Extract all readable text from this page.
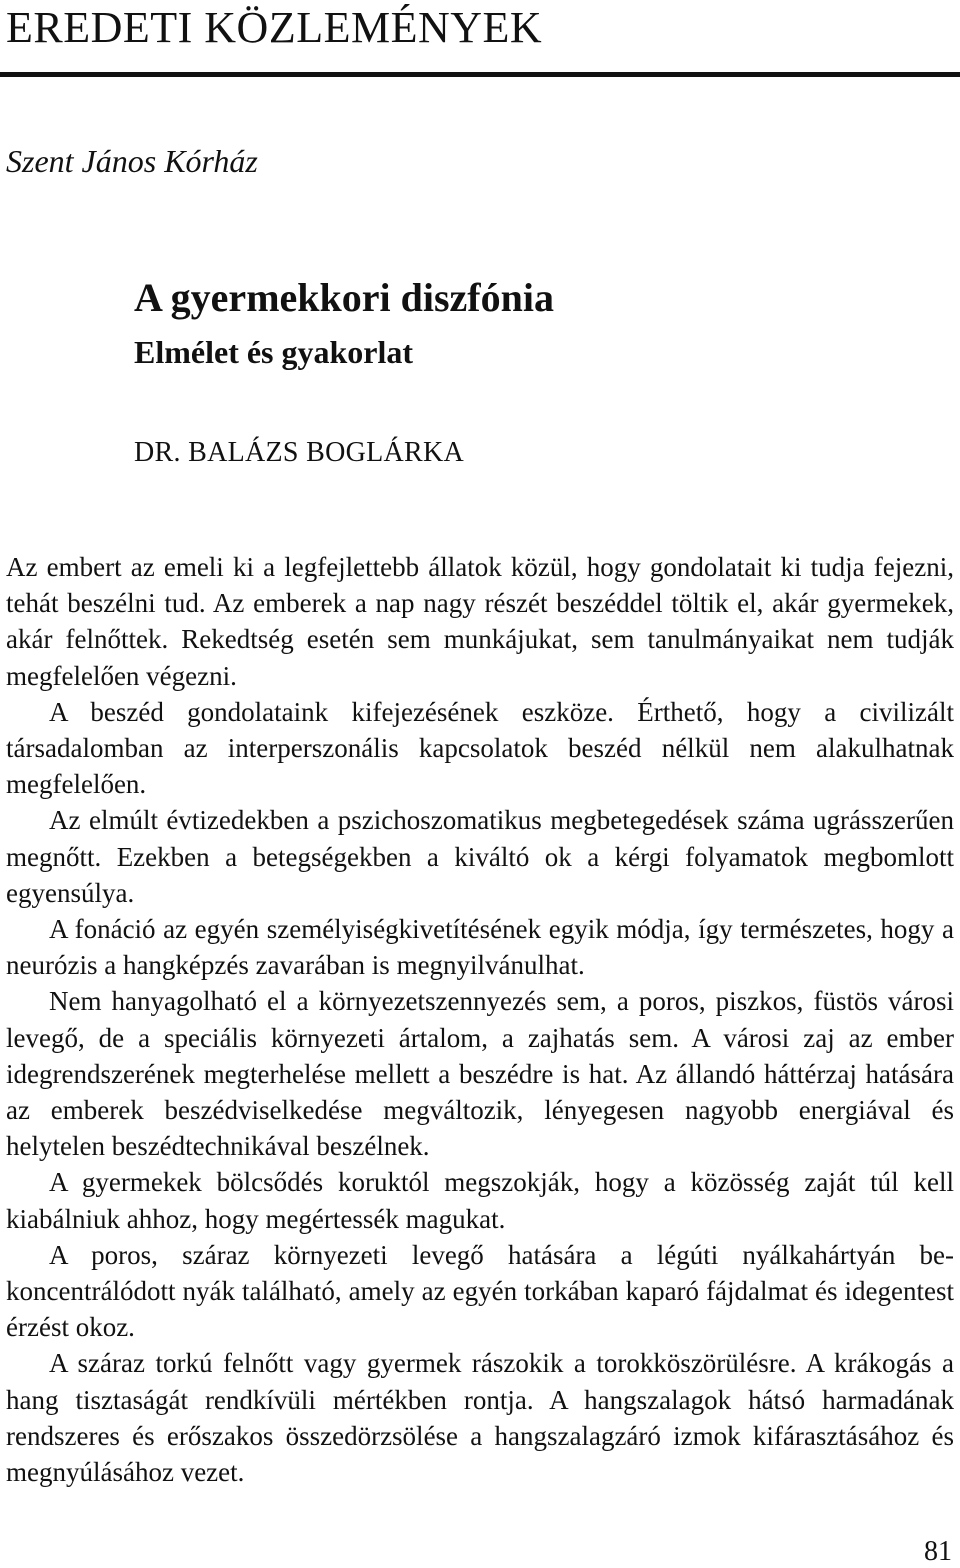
EREDETI KÖZLEMÉNYEK
Szent János Kórház
A gyermekkori diszfónia
Elmélet és gyakorlat
DR. BALÁZS BOGLÁRKA

Az embert az emeli ki a legfejlettebb állatok közül, hogy gondolatait ki tudja fejezni, tehát beszélni tud. Az emberek a nap nagy részét beszéddel töltik el, akár gyermekek, akár felnőttek. Rekedtség esetén sem munkájukat, sem tanulmányaikat nem tudják megfelelően végezni.

A beszéd gondolataink kifejezésének eszköze. Érthető, hogy a civilizált társadalomban az interperszonális kapcsolatok beszéd nélkül nem alakulhatnak megfelelően.

Az elmúlt évtizedekben a pszichoszomatikus megbetegedések száma ugrásszerűen megnőtt. Ezekben a betegségekben a kiváltó ok a kérgi folyamatok megbomlott egyensúlya.

A fonáció az egyén személyiségkivetítésének egyik módja, így természetes, hogy a neurózis a hangképzés zavarában is megnyilvánulhat.

Nem hanyagolható el a környezetszennyezés sem, a poros, piszkos, füstös városi levegő, de a speciális környezeti ártalom, a zajhatás sem. A városi zaj az ember idegrendszerének megterhelése mellett a beszédre is hat. Az állandó háttérzaj hatására az emberek beszédviselkedése megváltozik, lényegesen nagyobb energiával és helytelen beszédtechnikával beszélnek.

A gyermekek bölcsődés koruktól megszokják, hogy a közösség zaját túl kell kiabálniuk ahhoz, hogy megértessék magukat.

A poros, száraz környezeti levegő hatására a légúti nyálkahártyán bekoncentrálódott nyák található, amely az egyén torkában kaparó fájdalmat és idegentest érzést okoz.

A száraz torkú felnőtt vagy gyermek rászokik a torokköszörülésre. A krákogás a hang tisztaságát rendkívüli mértékben rontja. A hangszalagok hátsó harmadának rendszeres és erőszakos összedörzsölése a hangszalagzáró izmok kifárasztásához és megnyúlásához vezet.

81
